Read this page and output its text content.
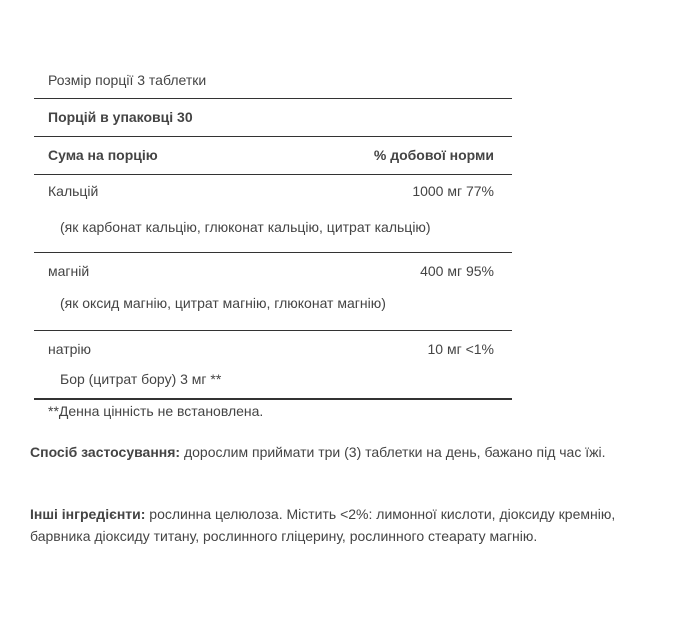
Розмір порції 3 таблетки
Порцій в упаковці 30
Сума на порцію	% добової норми
Кальцій	1000 мг 77%
(як карбонат кальцію, глюконат кальцію, цитрат кальцію)
магній	400 мг 95%
(як оксид магнію, цитрат магнію, глюконат магнію)
натрію	10 мг <1%
Бор (цитрат бору) 3 мг **
**Денна цінність не встановлена.
Спосіб застосування: дорослим приймати три (3) таблетки на день, бажано під час їжі.
Інші інгредієнти: рослинна целюлоза. Містить <2%: лимонної кислоти, діоксиду кремнію, барвника діоксиду титану, рослинного гліцерину, рослинного стеарату магнію.
